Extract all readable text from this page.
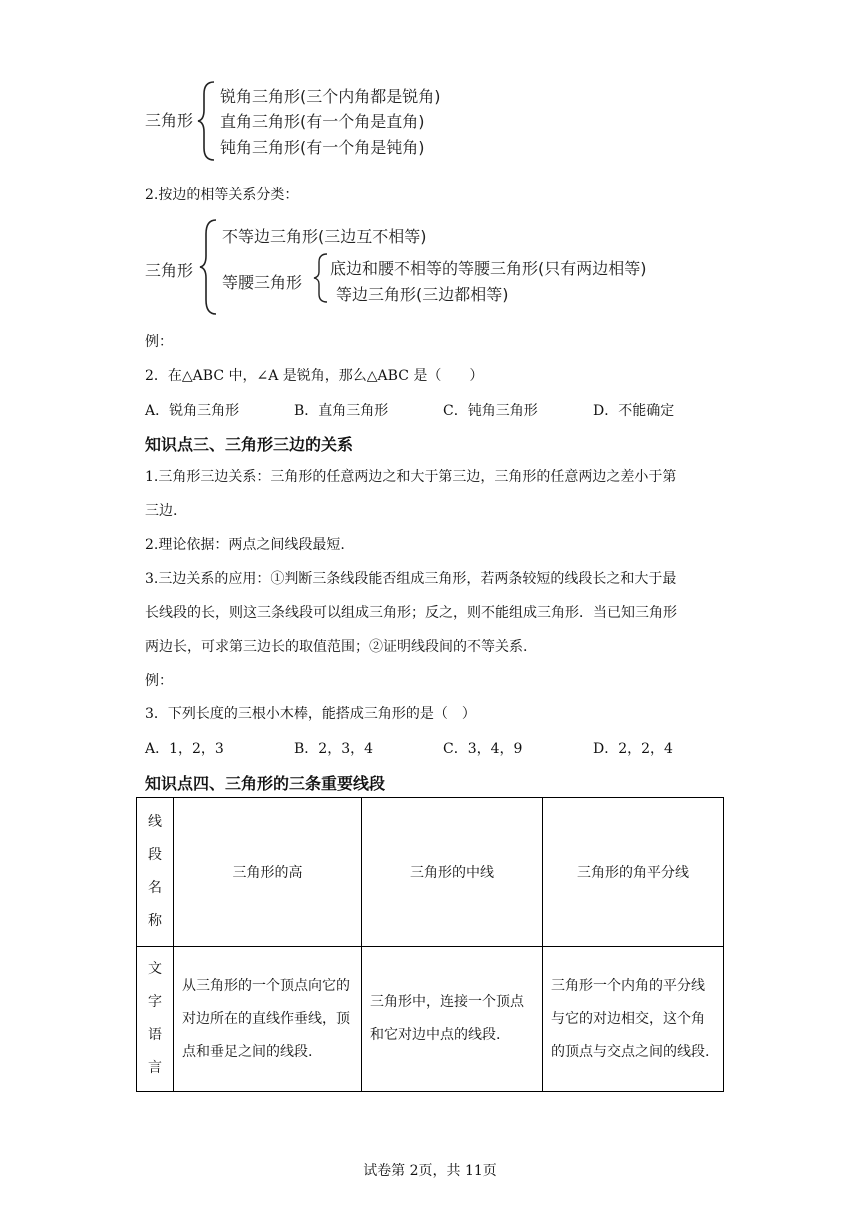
三角形
锐角三角形(三个内角都是锐角)
直角三角形(有一个角是直角)
钝角三角形(有一个角是钝角)
2.按边的相等关系分类：
三角形
不等边三角形(三边互不相等)
等腰三角形
底边和腰不相等的等腰三角形(只有两边相等)
等边三角形(三边都相等)
例：
2．在△ABC 中，∠A 是锐角，那么△ABC 是（　　）
A．锐角三角形	B．直角三角形	C．钝角三角形	D．不能确定
知识点三、三角形三边的关系
1.三角形三边关系：三角形的任意两边之和大于第三边，三角形的任意两边之差小于第
三边.
2.理论依据：两点之间线段最短.
3.三边关系的应用：①判断三条线段能否组成三角形，若两条较短的线段长之和大于最
长线段的长，则这三条线段可以组成三角形；反之，则不能组成三角形．当已知三角形
两边长，可求第三边长的取值范围；②证明线段间的不等关系.
例：
3．下列长度的三根小木棒，能搭成三角形的是（　）
A．1，2，3	B．2，3，4	C．3，4，9	D．2，2，4
知识点四、三角形的三条重要线段
线
段
名
称	三角形的高	三角形的中线	三角形的角平分线
文
字
语
言	从三角形的一个顶点向它的对边所在的直线作垂线，顶点和垂足之间的线段.	三角形中，连接一个顶点和它对边中点的线段.	三角形一个内角的平分线与它的对边相交，这个角的顶点与交点之间的线段.
试卷第 2页，共 11页
